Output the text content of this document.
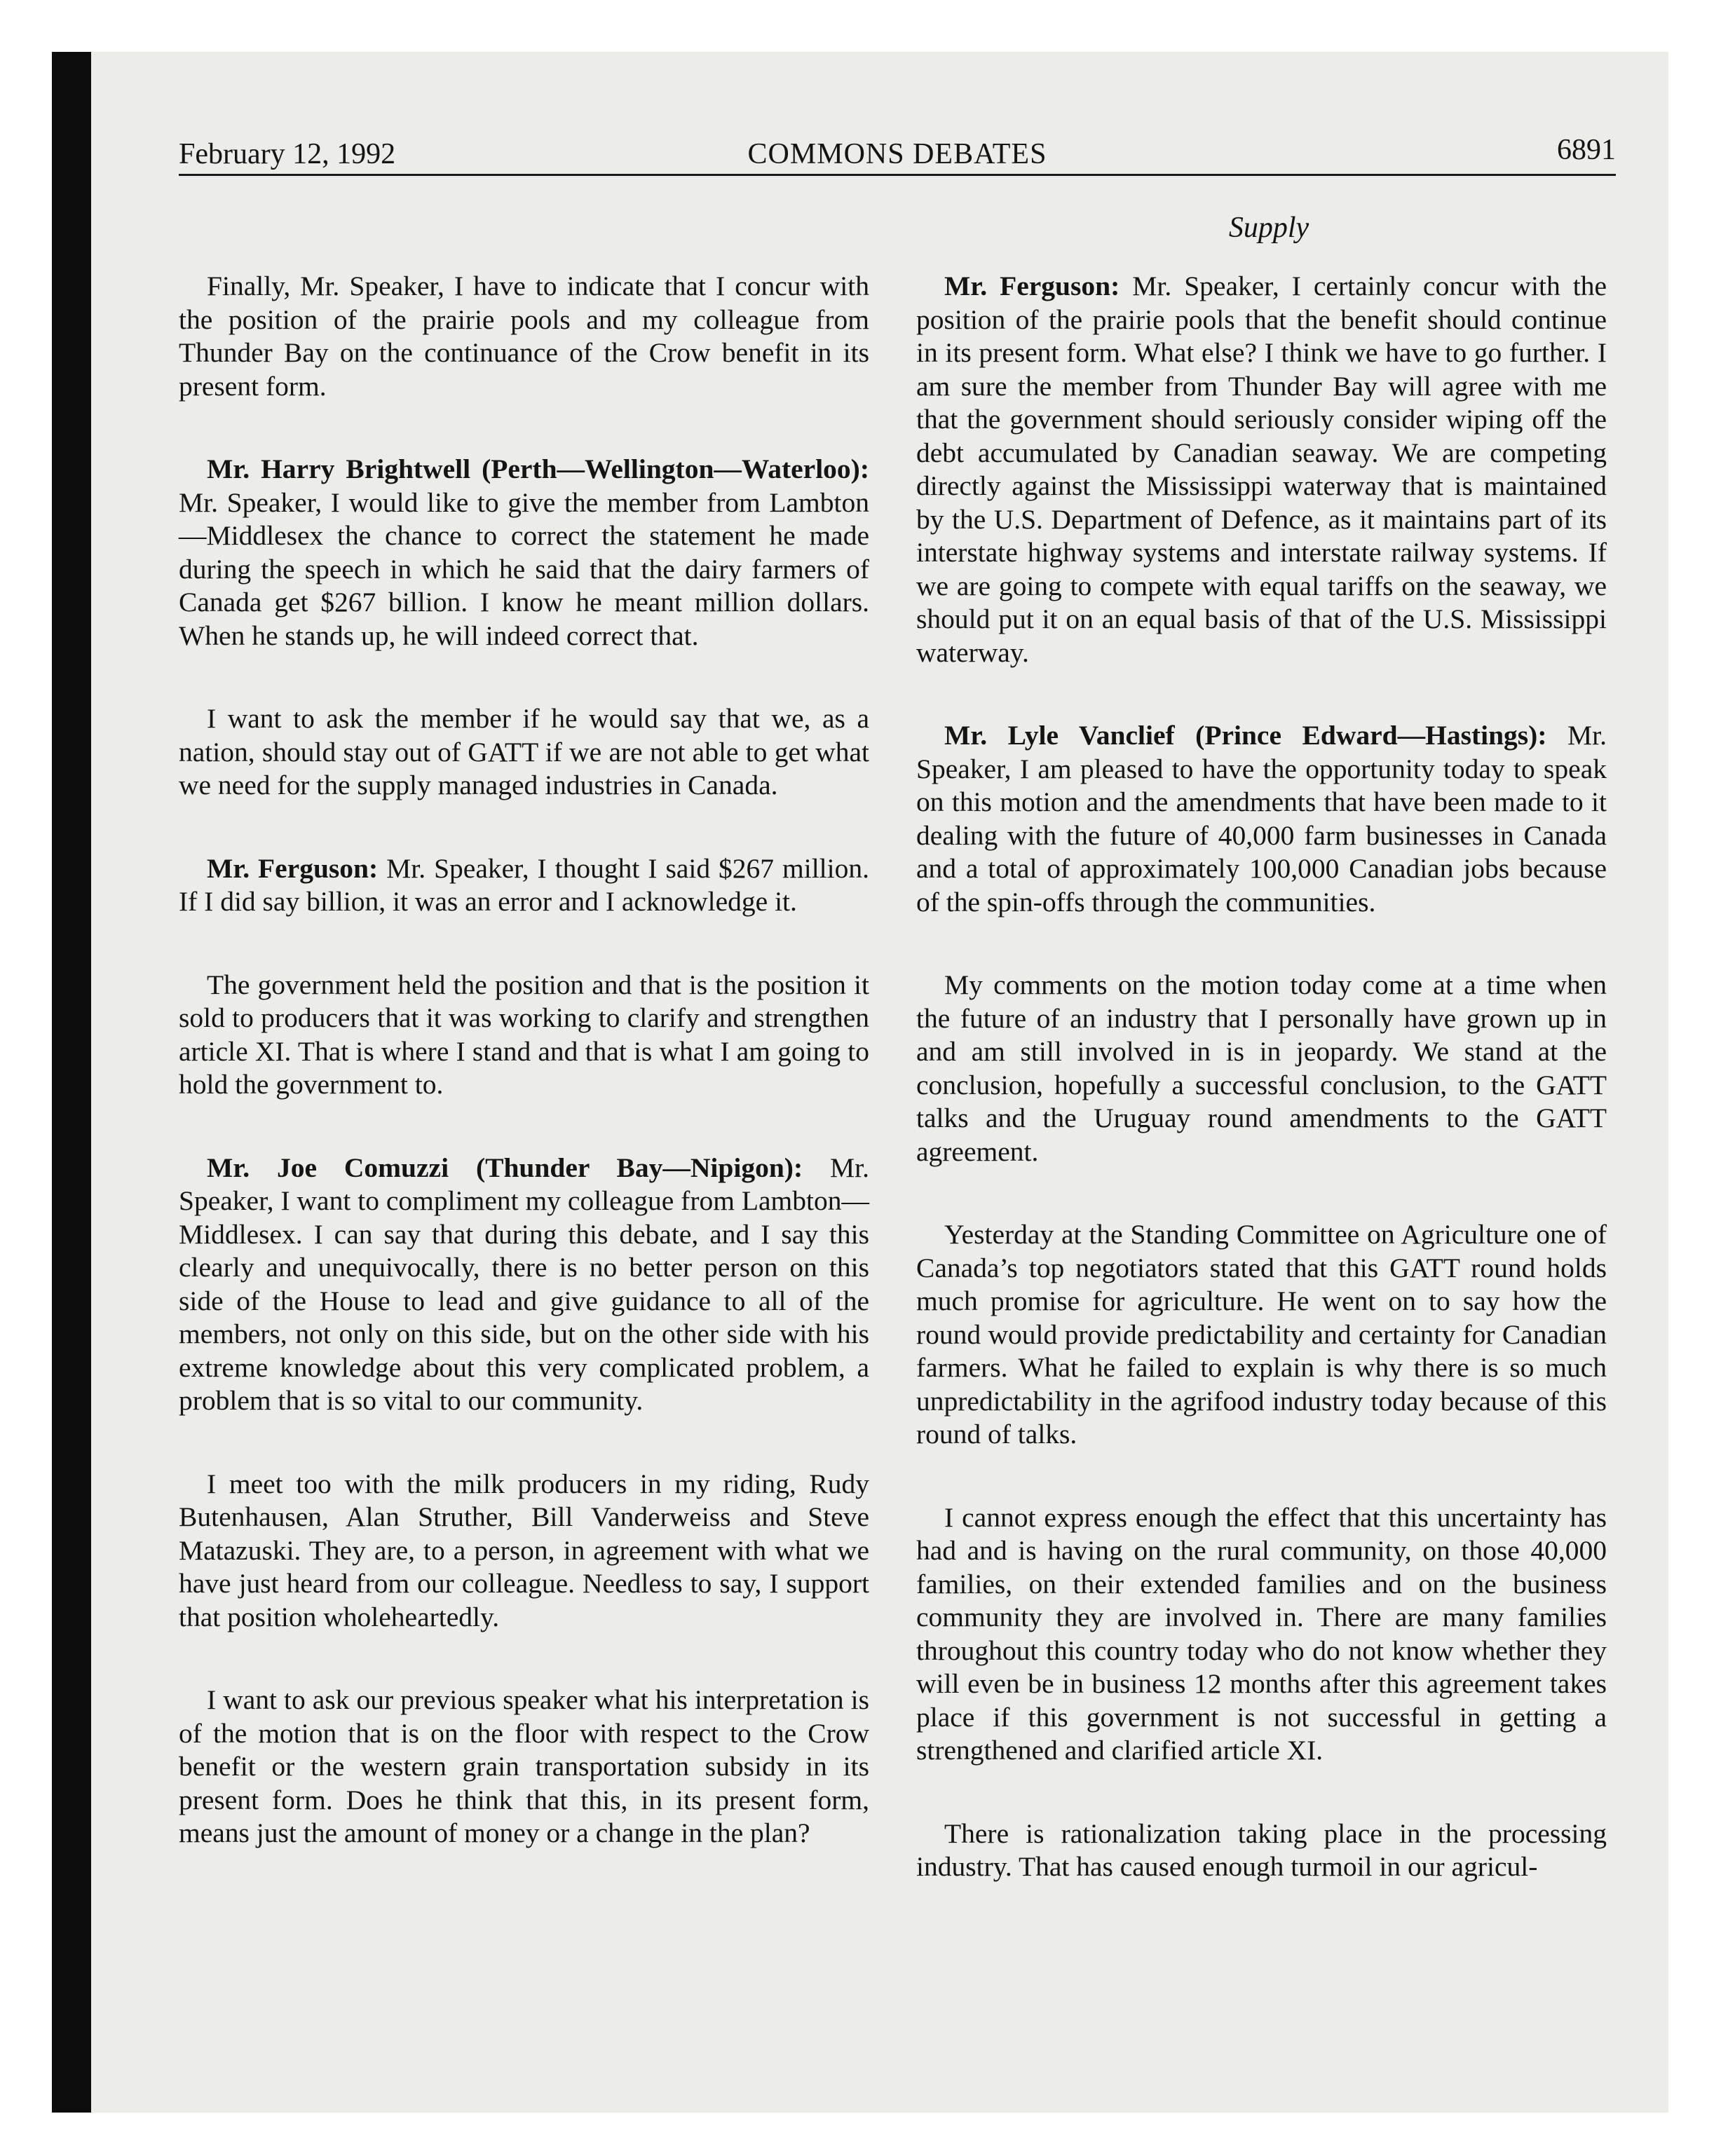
February 12, 1992	COMMONS DEBATES	6891
Supply

Finally, Mr. Speaker, I have to indicate that I concur with the position of the prairie pools and my colleague from Thunder Bay on the continuance of the Crow benefit in its present form.

Mr. Harry Brightwell (Perth—Wellington—Waterloo): Mr. Speaker, I would like to give the member from Lambton—Middlesex the chance to correct the statement he made during the speech in which he said that the dairy farmers of Canada get $267 billion. I know he meant million dollars. When he stands up, he will indeed correct that.

I want to ask the member if he would say that we, as a nation, should stay out of GATT if we are not able to get what we need for the supply managed industries in Canada.

Mr. Ferguson: Mr. Speaker, I thought I said $267 million. If I did say billion, it was an error and I acknowledge it.

The government held the position and that is the position it sold to producers that it was working to clarify and strengthen article XI. That is where I stand and that is what I am going to hold the government to.

Mr. Joe Comuzzi (Thunder Bay—Nipigon): Mr. Speaker, I want to compliment my colleague from Lambton—Middlesex. I can say that during this debate, and I say this clearly and unequivocally, there is no better person on this side of the House to lead and give guidance to all of the members, not only on this side, but on the other side with his extreme knowledge about this very complicated problem, a problem that is so vital to our community.

I meet too with the milk producers in my riding, Rudy Butenhausen, Alan Struther, Bill Vanderweiss and Steve Matazuski. They are, to a person, in agreement with what we have just heard from our colleague. Needless to say, I support that position wholeheartedly.

I want to ask our previous speaker what his interpretation is of the motion that is on the floor with respect to the Crow benefit or the western grain transportation subsidy in its present form. Does he think that this, in its present form, means just the amount of money or a change in the plan?

Mr. Ferguson: Mr. Speaker, I certainly concur with the position of the prairie pools that the benefit should continue in its present form. What else? I think we have to go further. I am sure the member from Thunder Bay will agree with me that the government should seriously consider wiping off the debt accumulated by Canadian seaway. We are competing directly against the Mississippi waterway that is maintained by the U.S. Department of Defence, as it maintains part of its interstate highway systems and interstate railway systems. If we are going to compete with equal tariffs on the seaway, we should put it on an equal basis of that of the U.S. Mississippi waterway.

Mr. Lyle Vanclief (Prince Edward—Hastings): Mr. Speaker, I am pleased to have the opportunity today to speak on this motion and the amendments that have been made to it dealing with the future of 40,000 farm businesses in Canada and a total of approximately 100,000 Canadian jobs because of the spin-offs through the communities.

My comments on the motion today come at a time when the future of an industry that I personally have grown up in and am still involved in is in jeopardy. We stand at the conclusion, hopefully a successful conclusion, to the GATT talks and the Uruguay round amendments to the GATT agreement.

Yesterday at the Standing Committee on Agriculture one of Canada’s top negotiators stated that this GATT round holds much promise for agriculture. He went on to say how the round would provide predictability and certainty for Canadian farmers. What he failed to explain is why there is so much unpredictability in the agrifood industry today because of this round of talks.

I cannot express enough the effect that this uncertainty has had and is having on the rural community, on those 40,000 families, on their extended families and on the business community they are involved in. There are many families throughout this country today who do not know whether they will even be in business 12 months after this agreement takes place if this government is not successful in getting a strengthened and clarified article XI.

There is rationalization taking place in the processing industry. That has caused enough turmoil in our agricul-
